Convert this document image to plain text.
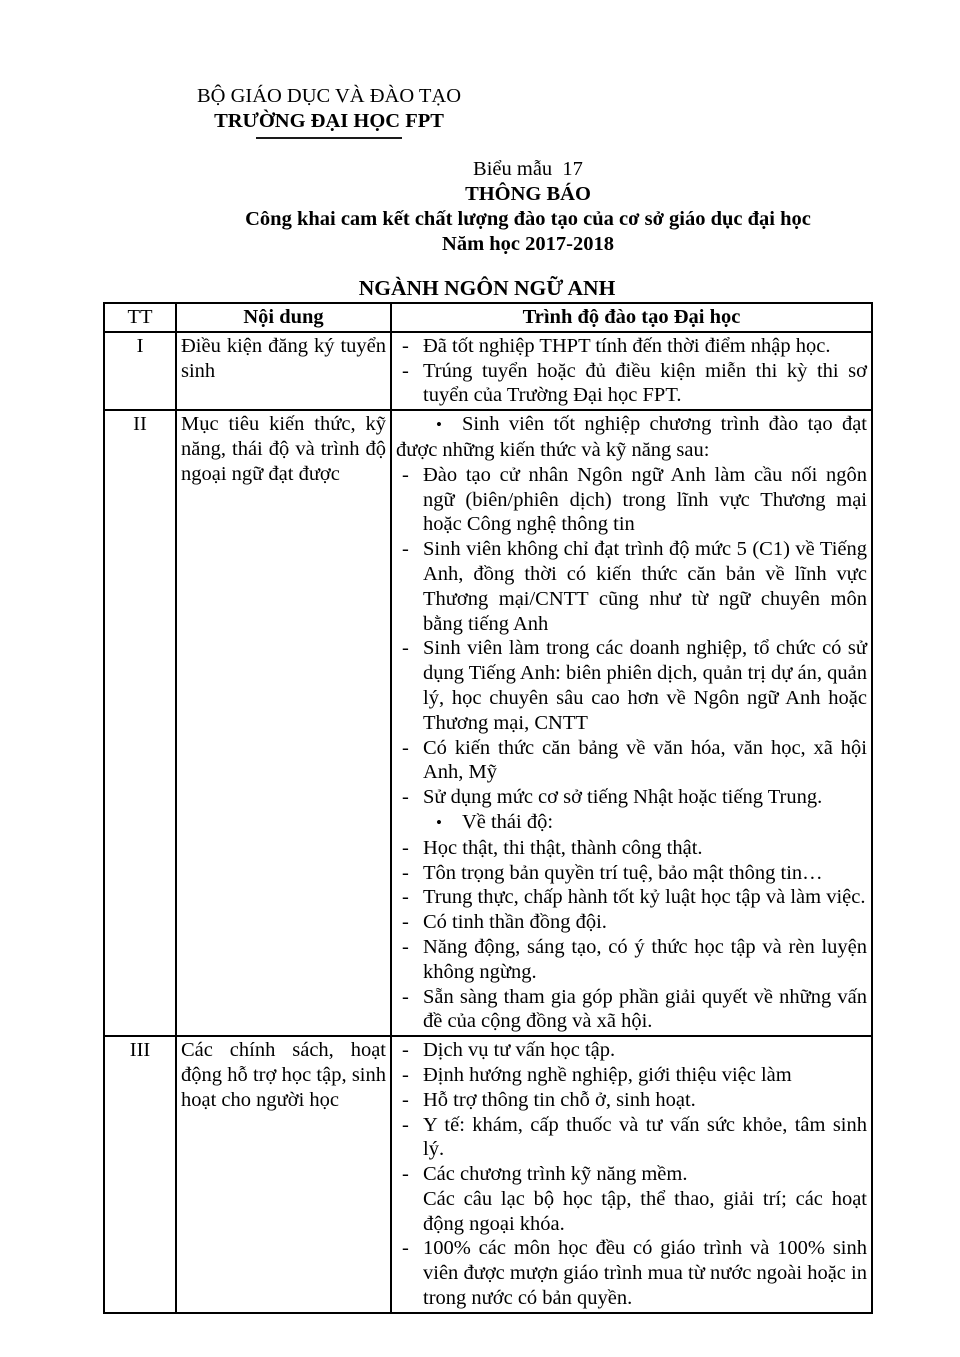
BỘ GIÁO DỤC VÀ ĐÀO TẠO
TRƯỜNG ĐẠI HỌC FPT
Biểu mẫu  17
THÔNG BÁO
Công khai cam kết chất lượng đào tạo của cơ sở giáo dục đại học
Năm học 2017-2018
NGÀNH NGÔN NGỮ ANH
TT	Nội dung	Trình độ đào tạo Đại học
I	Điều kiện đăng ký tuyển sinh	- Đã tốt nghiệp THPT tính đến thời điểm nhập học.
- Trúng tuyển hoặc đủ điều kiện miễn thi kỳ thi sơ tuyển của Trường Đại học FPT.

II	Mục tiêu kiến thức, kỹ năng, thái độ và trình độ ngoại ngữ đạt được	
• Sinh viên tốt nghiệp chương trình đào tạo đạt được những kiến thức và kỹ năng sau:
- Đào tạo cử nhân Ngôn ngữ Anh làm cầu nối ngôn ngữ (biên/phiên dịch) trong lĩnh vực Thương mại hoặc Công nghệ thông tin
- Sinh viên không chỉ đạt trình độ mức 5 (C1) về Tiếng Anh, đồng thời có kiến thức căn bản về lĩnh vực Thương mại/CNTT cũng như từ ngữ chuyên môn bằng tiếng Anh
- Sinh viên làm trong các doanh nghiệp, tổ chức có sử dụng Tiếng Anh: biên phiên dịch, quản trị dự án, quản lý, học chuyên sâu cao hơn về Ngôn ngữ Anh hoặc Thương mại, CNTT
- Có kiến thức căn bảng về văn hóa, văn học, xã hội Anh, Mỹ
- Sử dụng mức cơ sở tiếng Nhật hoặc tiếng Trung.
• Về thái độ:
- Học thật, thi thật, thành công thật.
- Tôn trọng bản quyền trí tuệ, bảo mật thông tin…
- Trung thực, chấp hành tốt kỷ luật học tập và làm việc.
- Có tinh thần đồng đội.
- Năng động, sáng tạo, có ý thức học tập và rèn luyện không ngừng.
- Sẵn sàng tham gia góp phần giải quyết về những vấn đề của cộng đồng và xã hội.

III	Các chính sách, hoạt động hỗ trợ học tập, sinh hoạt cho người học	
- Dịch vụ tư vấn học tập.
- Định hướng nghề nghiệp, giới thiệu việc làm
- Hỗ trợ thông tin chỗ ở, sinh hoạt.
- Y tế: khám, cấp thuốc và tư vấn sức khỏe, tâm sinh lý.
- Các chương trình kỹ năng mềm.
Các câu lạc bộ học tập, thể thao, giải trí; các hoạt động ngoại khóa.
- 100% các môn học đều có giáo trình và 100% sinh viên được mượn giáo trình mua từ nước ngoài hoặc in trong nước có bản quyền.
